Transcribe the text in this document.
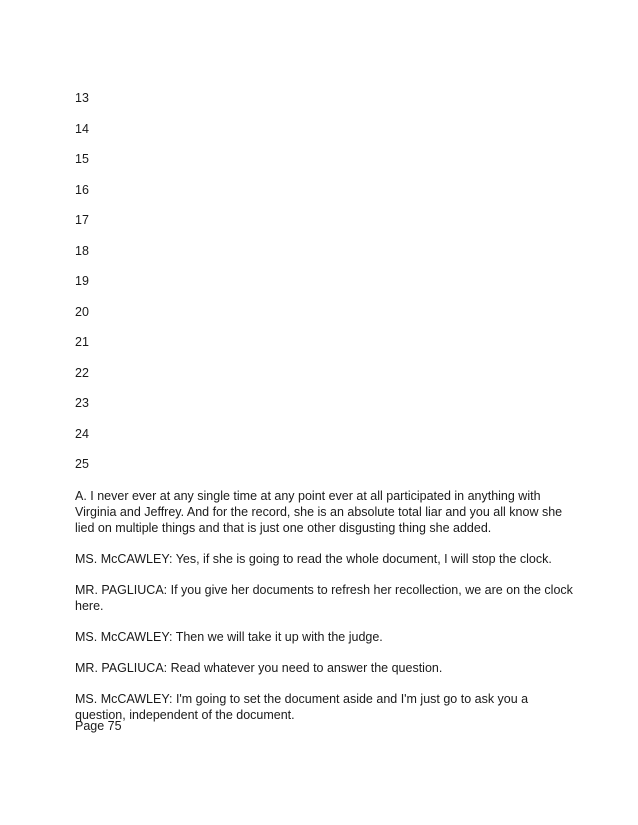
13
14
15
16
17
18
19
20
21
22
23
24
25

A. I never ever at any single time at any point ever at all participated in anything with Virginia and Jeffrey. And for the record, she is an absolute total liar and you all know she lied on multiple things and that is just one other disgusting thing she added.

MS. McCAWLEY: Yes, if she is going to read the whole document, I will stop the clock.

MR. PAGLIUCA: If you give her documents to refresh her recollection, we are on the clock here.

MS. McCAWLEY: Then we will take it up with the judge.

MR. PAGLIUCA: Read whatever you need to answer the question.

MS. McCAWLEY: I'm going to set the document aside and I'm just go to ask you a question, independent of the document.

Page 75
